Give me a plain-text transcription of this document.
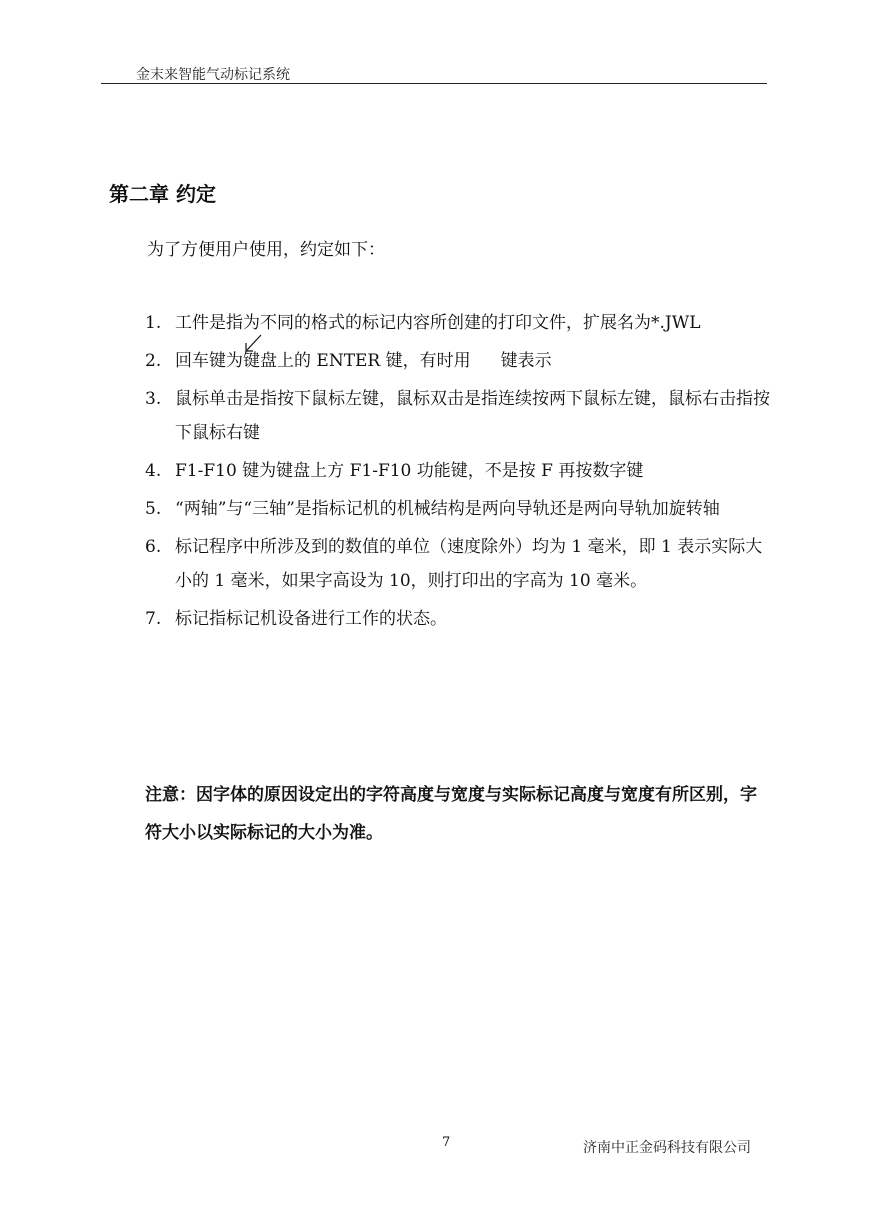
金末来智能气动标记系统
第二章 约定
为了方便用户使用，约定如下：
1. 工件是指为不同的格式的标记内容所创建的打印文件，扩展名为*.JWL
2. 回车键为键盘上的 ENTER 键，有时用 键表示
3. 鼠标单击是指按下鼠标左键，鼠标双击是指连续按两下鼠标左键，鼠标右击指按下鼠标右键
4. F1-F10 键为键盘上方 F1-F10 功能键，不是按 F 再按数字键
5. “两轴”与“三轴”是指标记机的机械结构是两向导轨还是两向导轨加旋转轴
6. 标记程序中所涉及到的数值的单位（速度除外）均为 1 毫米，即 1 表示实际大小的 1 毫米，如果字高设为 10，则打印出的字高为 10 毫米。
7. 标记指标记机设备进行工作的状态。
注意：因字体的原因设定出的字符高度与宽度与实际标记高度与宽度有所区别，字符大小以实际标记的大小为准。
7	济南中正金码科技有限公司
